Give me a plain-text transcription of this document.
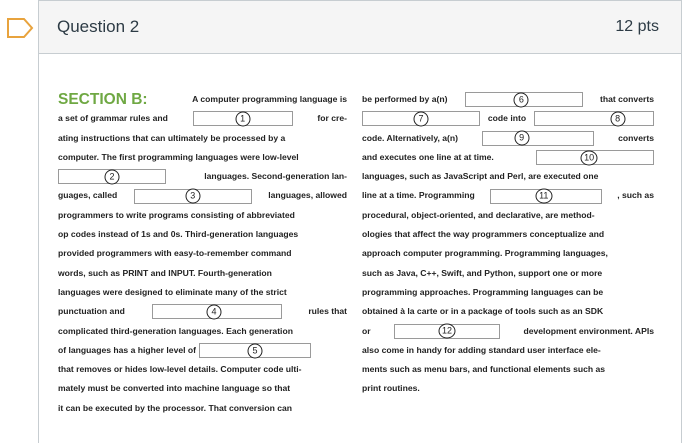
Question 2	12 pts
SECTION B:	A computer programming language is
a set of grammar rules and	1	for cre-
ating instructions that can ultimately be processed by a
computer. The first programming languages were low-level
2	languages. Second-generation lan-
guages, called	3	languages, allowed
programmers to write programs consisting of abbreviated
op codes instead of 1s and 0s. Third-generation languages
provided programmers with easy-to-remember command
words, such as PRINT and INPUT. Fourth-generation
languages were designed to eliminate many of the strict
punctuation and	4	rules that
complicated third-generation languages. Each generation
of languages has a higher level of	5
that removes or hides low-level details. Computer code ulti-
mately must be converted into machine language so that
it can be executed by the processor. That conversion can
be performed by a(n)	6	that converts
7	code into	8
code. Alternatively, a(n)	9	converts
and executes one line at at time.	10
languages, such as JavaScript and Perl, are executed one
line at a time. Programming	11	, such as
procedural, object-oriented, and declarative, are method-
ologies that affect the way programmers conceptualize and
approach computer programming. Programming languages,
such as Java, C++, Swift, and Python, support one or more
programming approaches. Programming languages can be
obtained à la carte or in a package of tools such as an SDK
or	12	development environment. APIs
also come in handy for adding standard user interface ele-
ments such as menu bars, and functional elements such as
print routines.
